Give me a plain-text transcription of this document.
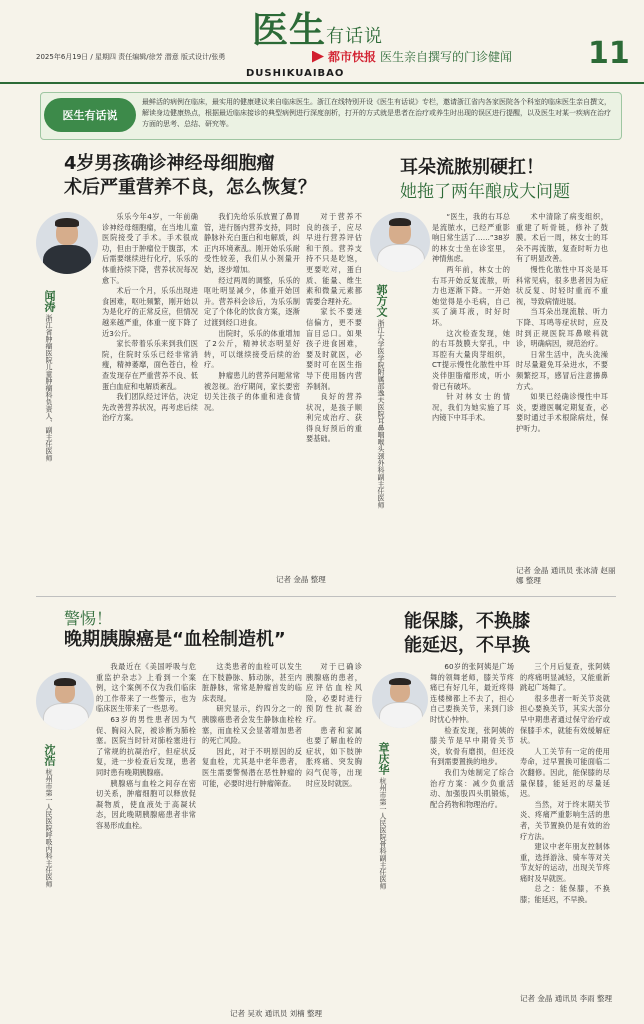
医生有话说
2025年6月19日 / 星期四 责任编辑/徐芳 潜意 版式设计/张勇
DUSHIKUAIBAO
都市快报 医生亲自撰写的门诊健闻	11
医生有话说
最鲜活的病例在临床，最实用的健康建议来自临床医生。浙江在线特别开设《医生有话说》专栏，邀请浙江省内各家医院各个科室的临床医生亲自撰文，解读身边健康热点，根据最近临床接诊的典型病例进行深度剖析，打开的方式就是患者在治疗或养生时出现的误区进行提醒，以及医生对某一疾病在治疗方面的思考、总结、研究等。
4岁男孩确诊神经母细胞瘤
术后严重营养不良，怎么恢复？
闻涛 浙江省肿瘤医院儿童肿瘤科负责人、副主任医师

乐乐今年4岁，一年前确诊神经母细胞瘤，在当地儿童医院接受了手术。手术很成功，但由于肿瘤位于腹部，术后需要继续进行化疗，乐乐的体重持续下降，营养状况每况愈下。

术后一个月，乐乐出现进食困难，呕吐频繁，刚开始以为是化疗的正常反应，但情况越来越严重，体重一度下降了近3公斤。

家长带着乐乐来到我们医院，住院时乐乐已经非常消瘦，精神萎靡，面色苍白，检查发现存在严重营养不良、低蛋白血症和电解质紊乱。

我们团队经过评估，决定先改善营养状况，再考虑后续治疗方案。

我们先给乐乐放置了鼻胃管，进行肠内营养支持，同时静脉补充白蛋白和电解质，纠正内环境紊乱。刚开始乐乐耐受性较差，我们从小剂量开始，逐步增加。

经过两周的调整，乐乐的呕吐明显减少，体重开始回升。营养科会诊后，为乐乐制定了个体化的饮食方案，逐渐过渡到经口进食。

出院时，乐乐的体重增加了2公斤，精神状态明显好转，可以继续接受后续的治疗。

肿瘤患儿的营养问题常常被忽视。治疗期间，家长要密切关注孩子的体重和进食情况。

对于营养不良的孩子，应尽早进行营养评估和干预。营养支持不只是吃饱，更要吃对，蛋白质、能量、维生素和微量元素都需要合理补充。

家长不要迷信偏方，更不要盲目忌口。如果孩子进食困难，要及时就医，必要时可在医生指导下使用肠内营养制剂。

良好的营养状况，是孩子顺利完成治疗、获得良好预后的重要基础。

记者 金晶 整理
耳朵流脓别硬扛！
她拖了两年酿成大问题
郭方文 浙江大学医学院附属邵逸夫医院耳鼻咽喉头颈外科副主任医师

“医生，我的右耳总是流脓水，已经严重影响日常生活了……”38岁的林女士坐在诊室里，神情焦虑。

两年前，林女士的右耳开始反复流脓，听力也逐渐下降。一开始她觉得是小毛病，自己买了滴耳液，时好时坏。

这次检查发现，她的右耳鼓膜大穿孔，中耳腔有大量肉芽组织，CT提示慢性化脓性中耳炎伴胆脂瘤形成，听小骨已有破坏。

针对林女士的情况，我们为她实施了耳内镜下中耳手术。

术中清除了病变组织，重建了听骨链，修补了鼓膜。术后一周，林女士的耳朵不再流脓，复查时听力也有了明显改善。

慢性化脓性中耳炎是耳科常见病，很多患者因为症状反复、时轻时重而不重视，导致病情进展。

当耳朵出现流脓、听力下降、耳鸣等症状时，应及时到正规医院耳鼻喉科就诊，明确病因，规范治疗。

日常生活中，洗头洗澡时尽量避免耳朵进水，不要频繁挖耳，感冒后注意擤鼻方式。

如果已经确诊慢性中耳炎，要遵医嘱定期复查，必要时通过手术根除病灶，保护听力。

记者 金晶 通讯员 张冰清 赵丽娜 整理
警惕！
晚期胰腺癌是“血栓制造机”
沈浩 杭州市第一人民医院呼吸内科主任医师

我最近在《美国呼吸与危重监护杂志》上看到一个案例，这个案例不仅为我们临床的工作带来了一些警示，也为临床医生带来了一些思考。

63岁的男性患者因为气促、胸闷入院，被诊断为肺栓塞。医院当时针对肺栓塞进行了常规的抗凝治疗，但症状反复，进一步检查后发现，患者同时患有晚期胰腺癌。

胰腺癌与血栓之间存在密切关系，肿瘤细胞可以释放促凝物质，使血液处于高凝状态，因此晚期胰腺癌患者非常容易形成血栓。

这类患者的血栓可以发生在下肢静脉、肺动脉，甚至内脏静脉，常常是肿瘤首发的临床表现。

研究显示，约四分之一的胰腺癌患者会发生静脉血栓栓塞，而血栓又会显著增加患者的死亡风险。

因此，对于不明原因的反复血栓，尤其是中老年患者，医生需要警惕潜在恶性肿瘤的可能，必要时进行肿瘤筛查。

对于已确诊胰腺癌的患者，应评估血栓风险，必要时进行预防性抗凝治疗。

患者和家属也要了解血栓的症状，如下肢肿胀疼痛、突发胸闷气促等，出现时应及时就医。

记者 吴欢 通讯员 刘楠 整理
能保膝，不换膝
能延迟，不早换
章庆华 杭州市第一人民医院骨科副主任医师

60岁的张阿姨是广场舞的领舞老师，膝关节疼痛已有好几年，最近疼得连楼梯都上不去了，担心自己要换关节，来到门诊时忧心忡忡。

检查发现，张阿姨的膝关节是早中期骨关节炎，软骨有磨损，但还没有到需要置换的地步。

我们为她制定了综合治疗方案：减少负重活动、加强股四头肌锻炼，配合药物和物理治疗。

三个月后复查，张阿姨的疼痛明显减轻，又能重新跳起广场舞了。

很多患者一听关节炎就担心要换关节，其实大部分早中期患者通过保守治疗或保膝手术，就能有效缓解症状。

人工关节有一定的使用寿命，过早置换可能面临二次翻修。因此，能保膝的尽量保膝，能延迟的尽量延迟。

当然，对于终末期关节炎、疼痛严重影响生活的患者，关节置换仍是有效的治疗方法。

建议中老年朋友控制体重，选择游泳、骑车等对关节友好的运动，出现关节疼痛时及早就医。

总之：能保膝，不换膝；能延迟，不早换。

记者 金晶 通讯员 李雨 整理
